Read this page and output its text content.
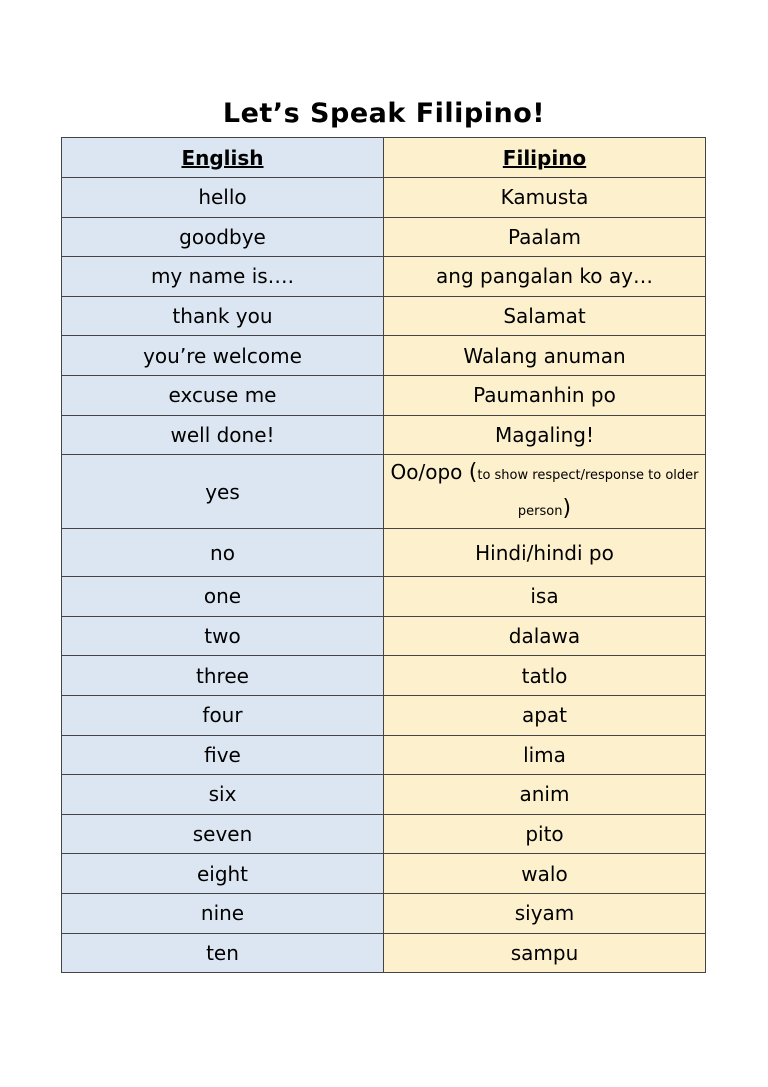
Let’s Speak Filipino!
English	Filipino
hello	Kamusta
goodbye	Paalam
my name is….	ang pangalan ko ay…
thank you	Salamat
you’re welcome	Walang anuman
excuse me	Paumanhin po
well done!	Magaling!
yes	Oo/opo (to show respect/response to older person)
no	Hindi/hindi po
one	isa
two	dalawa
three	tatlo
four	apat
five	lima
six	anim
seven	pito
eight	walo
nine	siyam
ten	sampu
